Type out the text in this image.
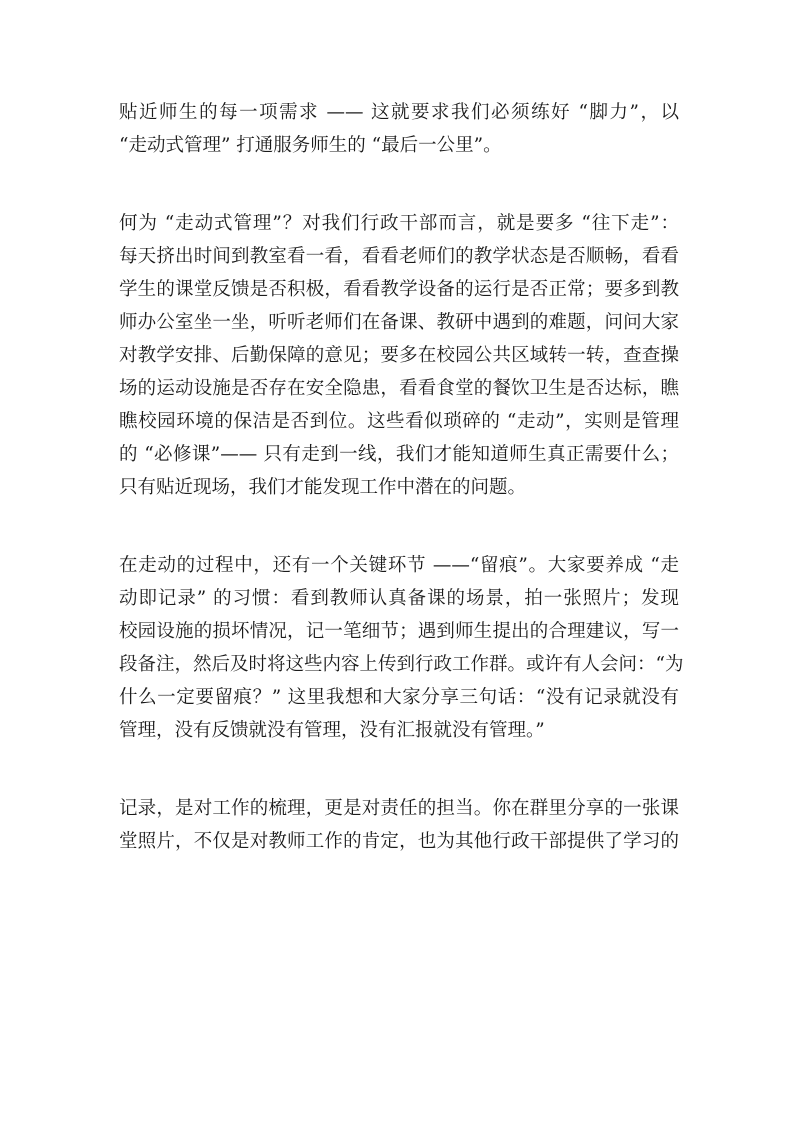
贴近师生的每一项需求 —— 这就要求我们必须练好 “脚力”，以
“走动式管理” 打通服务师生的 “最后一公里”。

何为 “走动式管理”？对我们行政干部而言，就是要多 “往下走”：
每天挤出时间到教室看一看，看看老师们的教学状态是否顺畅，看看
学生的课堂反馈是否积极，看看教学设备的运行是否正常；要多到教
师办公室坐一坐，听听老师们在备课、教研中遇到的难题，问问大家
对教学安排、后勤保障的意见；要多在校园公共区域转一转，查查操
场的运动设施是否存在安全隐患，看看食堂的餐饮卫生是否达标，瞧
瞧校园环境的保洁是否到位。这些看似琐碎的 “走动”，实则是管理
的 “必修课”—— 只有走到一线，我们才能知道师生真正需要什么；
只有贴近现场，我们才能发现工作中潜在的问题。

在走动的过程中，还有一个关键环节 ——“留痕”。大家要养成 “走
动即记录” 的习惯：看到教师认真备课的场景，拍一张照片；发现
校园设施的损坏情况，记一笔细节；遇到师生提出的合理建议，写一
段备注，然后及时将这些内容上传到行政工作群。或许有人会问：“为
什么一定要留痕？” 这里我想和大家分享三句话：“没有记录就没有
管理，没有反馈就没有管理，没有汇报就没有管理。”

记录，是对工作的梳理，更是对责任的担当。你在群里分享的一张课
堂照片，不仅是对教师工作的肯定，也为其他行政干部提供了学习的
